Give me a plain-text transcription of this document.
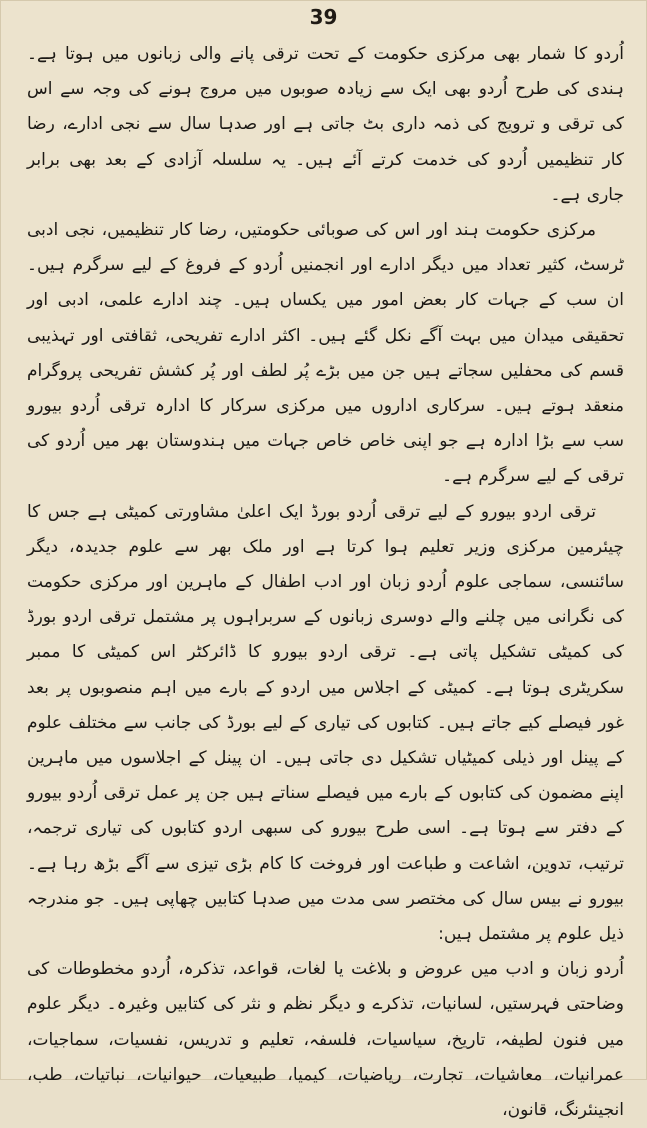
39

اُردو کا شمار بھی مرکزی حکومت کے تحت ترقی پانے والی زبانوں میں ہوتا ہے۔ ہندی کی طرح اُردو بھی ایک سے زیادہ صوبوں میں مروج ہونے کی وجہ سے اس کی ترقی و ترویج کی ذمہ داری بٹ جاتی ہے اور صدہا سال سے نجی ادارے، رضا کار تنظیمیں اُردو کی خدمت کرتے آئے ہیں۔ یہ سلسلہ آزادی کے بعد بھی برابر جاری ہے۔

مرکزی حکومت ہند اور اس کی صوبائی حکومتیں، رضا کار تنظیمیں، نجی ادبی ٹرسٹ، کثیر تعداد میں دیگر ادارے اور انجمنیں اُردو کے فروغ کے لیے سرگرم ہیں۔ ان سب کے جہات کار بعض امور میں یکساں ہیں۔ چند ادارے علمی، ادبی اور تحقیقی میدان میں بہت آگے نکل گئے ہیں۔ اکثر ادارے تفریحی، ثقافتی اور تہذیبی قسم کی محفلیں سجاتے ہیں جن میں بڑے پُر لطف اور پُر کشش تفریحی پروگرام منعقد ہوتے ہیں۔ سرکاری اداروں میں مرکزی سرکار کا ادارہ ترقی اُردو بیورو سب سے بڑا ادارہ ہے جو اپنی خاص خاص جہات میں ہندوستان بھر میں اُردو کی ترقی کے لیے سرگرم ہے۔

ترقی اردو بیورو کے لیے ترقی اُردو بورڈ ایک اعلیٰ مشاورتی کمیٹی ہے جس کا چیئرمین مرکزی وزیر تعلیم ہوا کرتا ہے اور ملک بھر سے علوم جدیدہ، دیگر سائنسی، سماجی علوم اُردو زبان اور ادب اطفال کے ماہرین اور مرکزی حکومت کی نگرانی میں چلنے والے دوسری زبانوں کے سربراہوں پر مشتمل ترقی اردو بورڈ کی کمیٹی تشکیل پاتی ہے۔ ترقی اردو بیورو کا ڈائرکٹر اس کمیٹی کا ممبر سکریٹری ہوتا ہے۔ کمیٹی کے اجلاس میں اردو کے بارے میں اہم منصوبوں پر بعد غور فیصلے کیے جاتے ہیں۔ کتابوں کی تیاری کے لیے بورڈ کی جانب سے مختلف علوم کے پینل اور ذیلی کمیٹیاں تشکیل دی جاتی ہیں۔ ان پینل کے اجلاسوں میں ماہرین اپنے مضمون کی کتابوں کے بارے میں فیصلے سناتے ہیں جن پر عمل ترقی اُردو بیورو کے دفتر سے ہوتا ہے۔ اسی طرح بیورو کی سبھی اردو کتابوں کی تیاری ترجمہ، ترتیب، تدوین، اشاعت و طباعت اور فروخت کا کام بڑی تیزی سے آگے بڑھ رہا ہے۔ بیورو نے بیس سال کی مختصر سی مدت میں صدہا کتابیں چھاپی ہیں۔ جو مندرجہ ذیل علوم پر مشتمل ہیں:

اُردو زبان و ادب میں عروض و بلاغت یا لغات، قواعد، تذکرہ، اُردو مخطوطات کی وضاحتی فہرستیں، لسانیات، تذکرے و دیگر نظم و نثر کی کتابیں وغیرہ۔ دیگر علوم میں فنون لطیفہ، تاریخ، سیاسیات، فلسفہ، تعلیم و تدریس، نفسیات، سماجیات، عمرانیات، معاشیات، تجارت، ریاضیات، کیمیا، طبیعیات، حیوانیات، نباتیات، طب، انجینئرنگ، قانون،
